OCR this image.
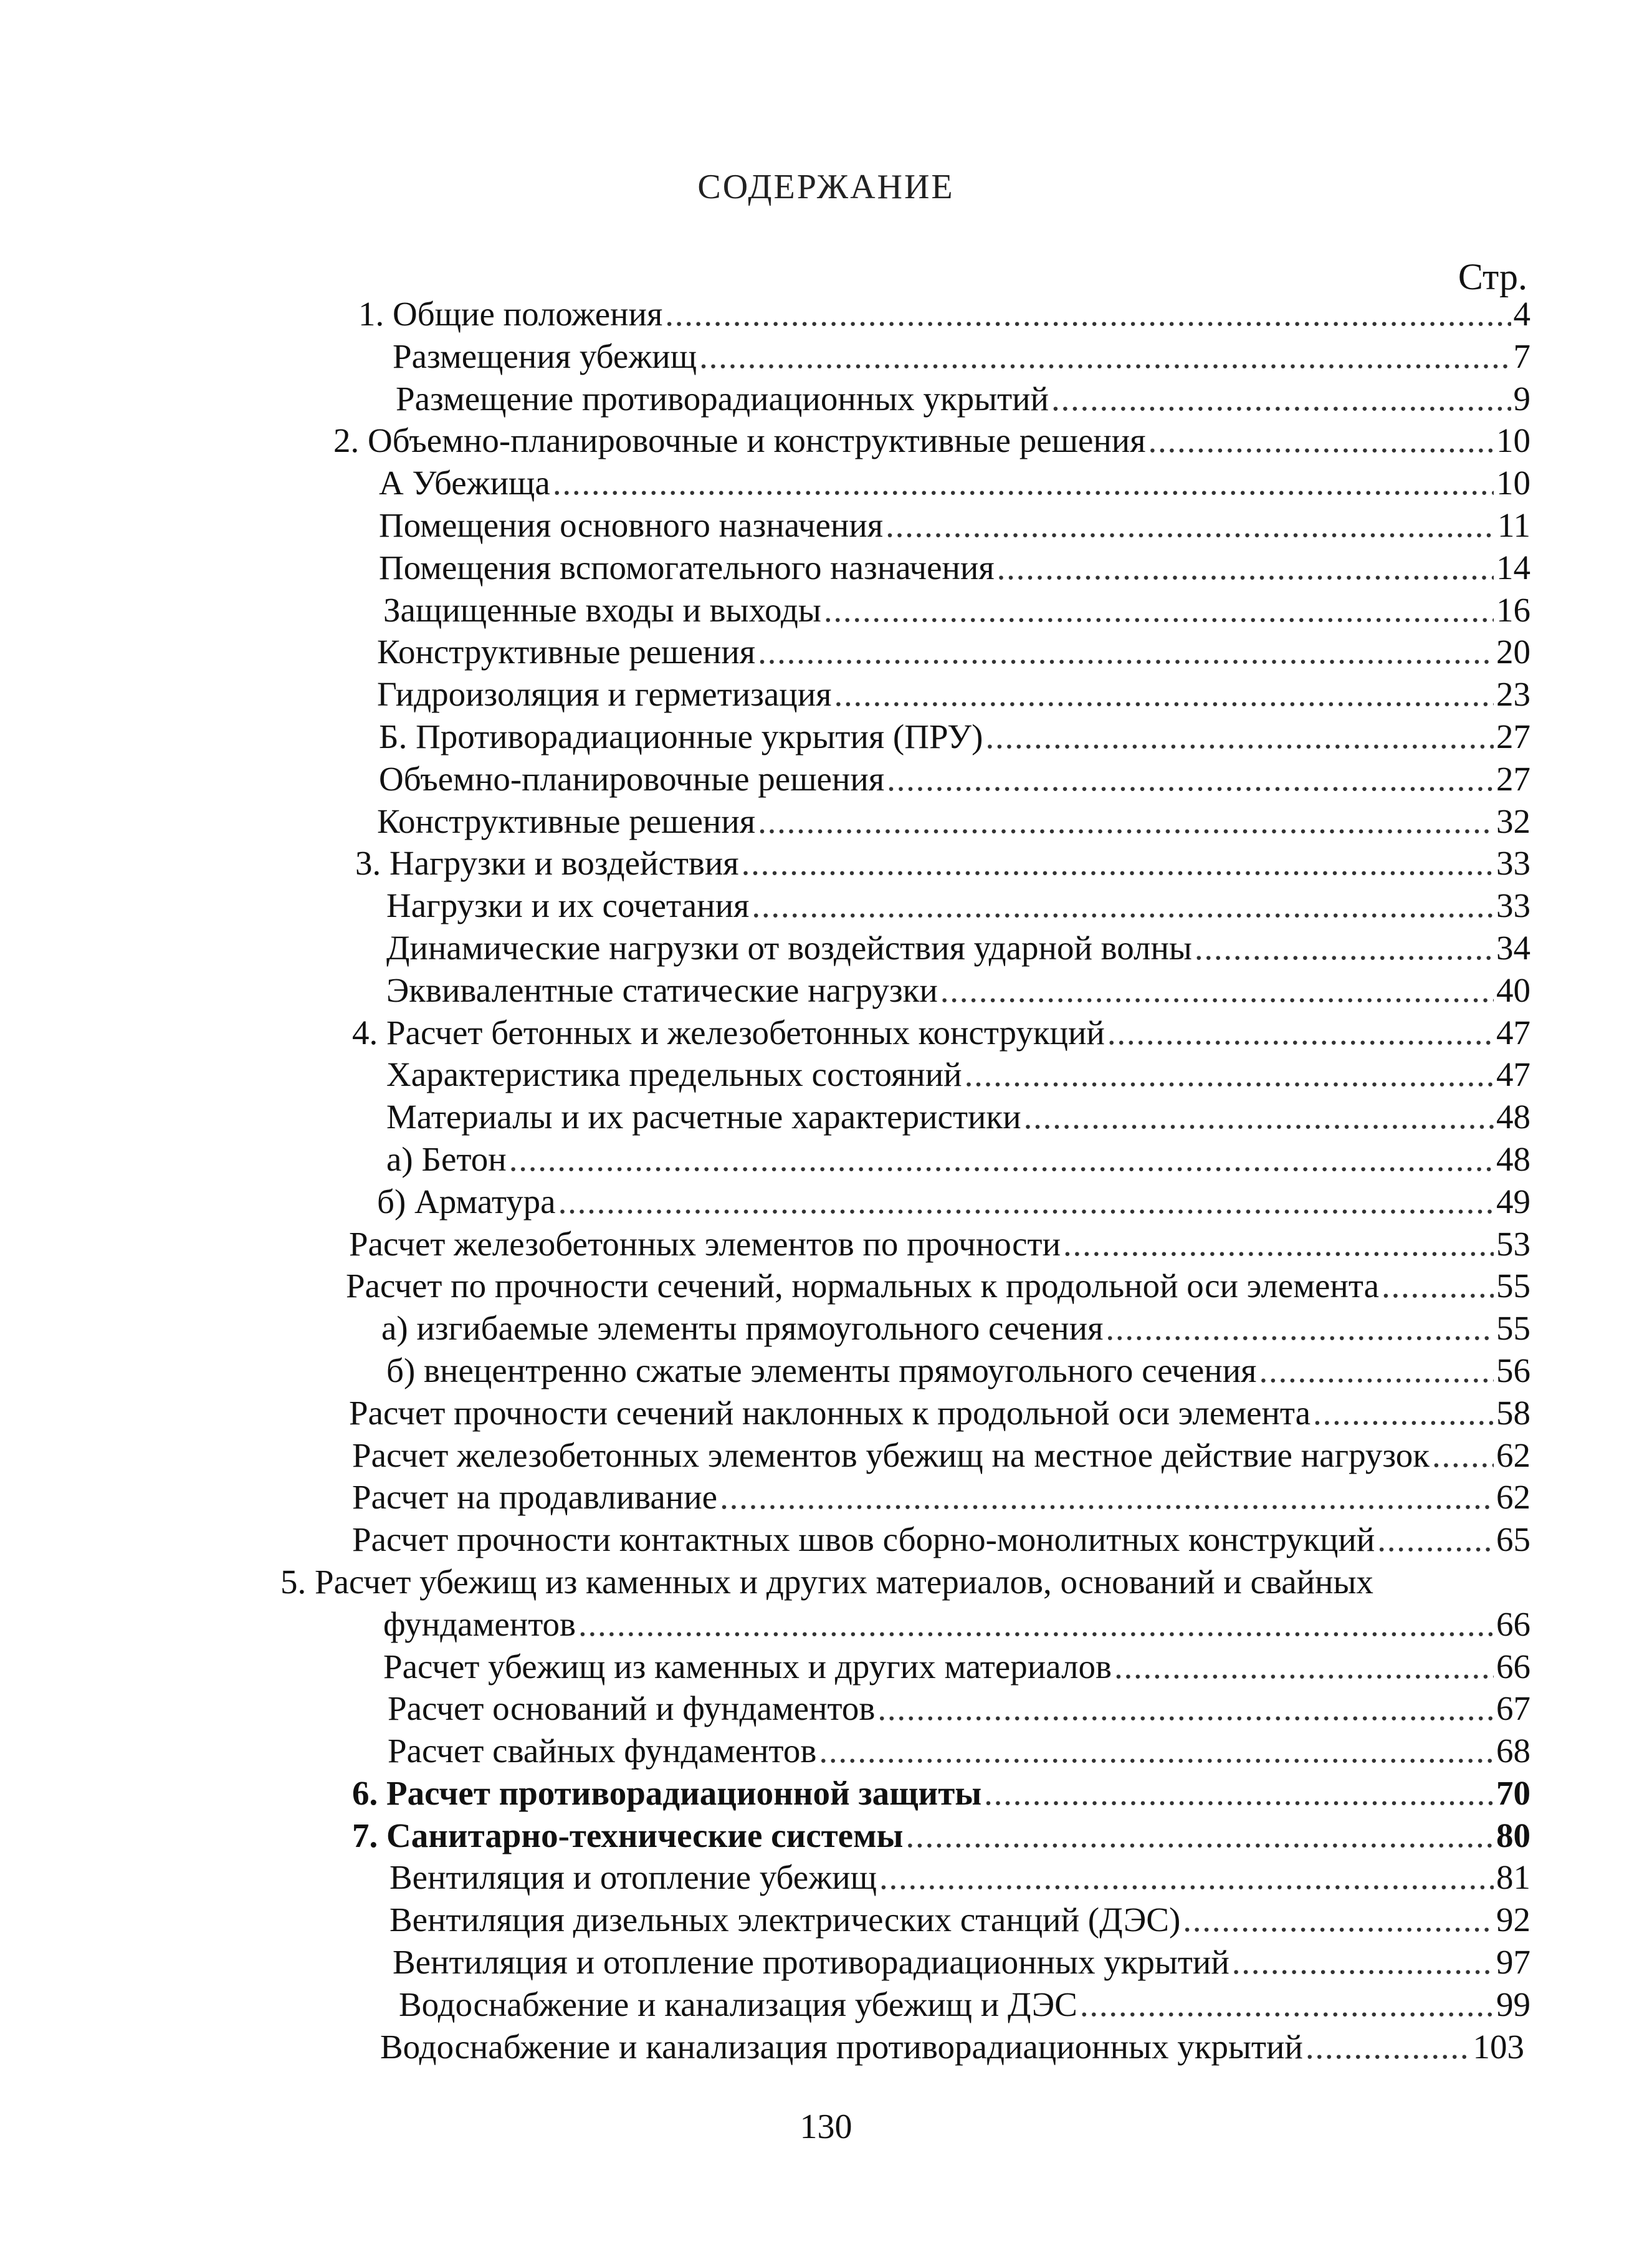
СОДЕРЖАНИЕ
Стр.
1. Общие положения . . .	4
Размещения убежищ . . .	7
Размещение противорадиационных укрытий . . .	9
2. Объемно-планировочные и конструктивные решения . . .	10
А Убежища . . .	10
Помещения основного назначения . . .	11
Помещения вспомогательного назначения . . .	14
Защищенные входы и выходы . . .	16
Конструктивные решения . . .	20
Гидроизоляция и герметизация . . .	23
Б. Противорадиационные укрытия (ПРУ) . . .	27
Объемно-планировочные решения . . .	27
Конструктивные решения . . .	32
3. Нагрузки и воздействия . . .	33
Нагрузки и их сочетания . . .	33
Динамические нагрузки от воздействия ударной волны . . .	34
Эквивалентные статические нагрузки . . .	40
4. Расчет бетонных и железобетонных конструкций . . .	47
Характеристика предельных состояний . . .	47
Материалы и их расчетные характеристики . . .	48
а) Бетон . . .	48
б) Арматура . . .	49
Расчет железобетонных элементов по прочности . . .	53
Расчет по прочности сечений, нормальных к продольной оси элемента . . .	55
а) изгибаемые элементы прямоугольного сечения . . .	55
б) внецентренно сжатые элементы прямоугольного сечения . . .	56
Расчет прочности сечений наклонных к продольной оси элемента . . .	58
Расчет железобетонных элементов убежищ на местное действие нагрузок . . . 62
Расчет на продавливание . . .	62
Расчет прочности контактных швов сборно-монолитных конструкций . . .	65
5. Расчет убежищ из каменных и других материалов, оснований и свайных
фундаментов . . .	66
Расчет убежищ из каменных и других материалов . . .	66
Расчет оснований и фундаментов . . .	67
Расчет свайных фундаментов . . .	68
6. Расчет противорадиационной защиты . . .	70
7. Санитарно-технические системы . . .	80
Вентиляция и отопление убежищ . . .	81
Вентиляция дизельных электрических станций (ДЭС) . . .	92
Вентиляция и отопление противорадиационных укрытий . . .	97
Водоснабжение и канализация убежищ и ДЭС . . .	99
Водоснабжение и канализация противорадиационных укрытий . . .	103
130
